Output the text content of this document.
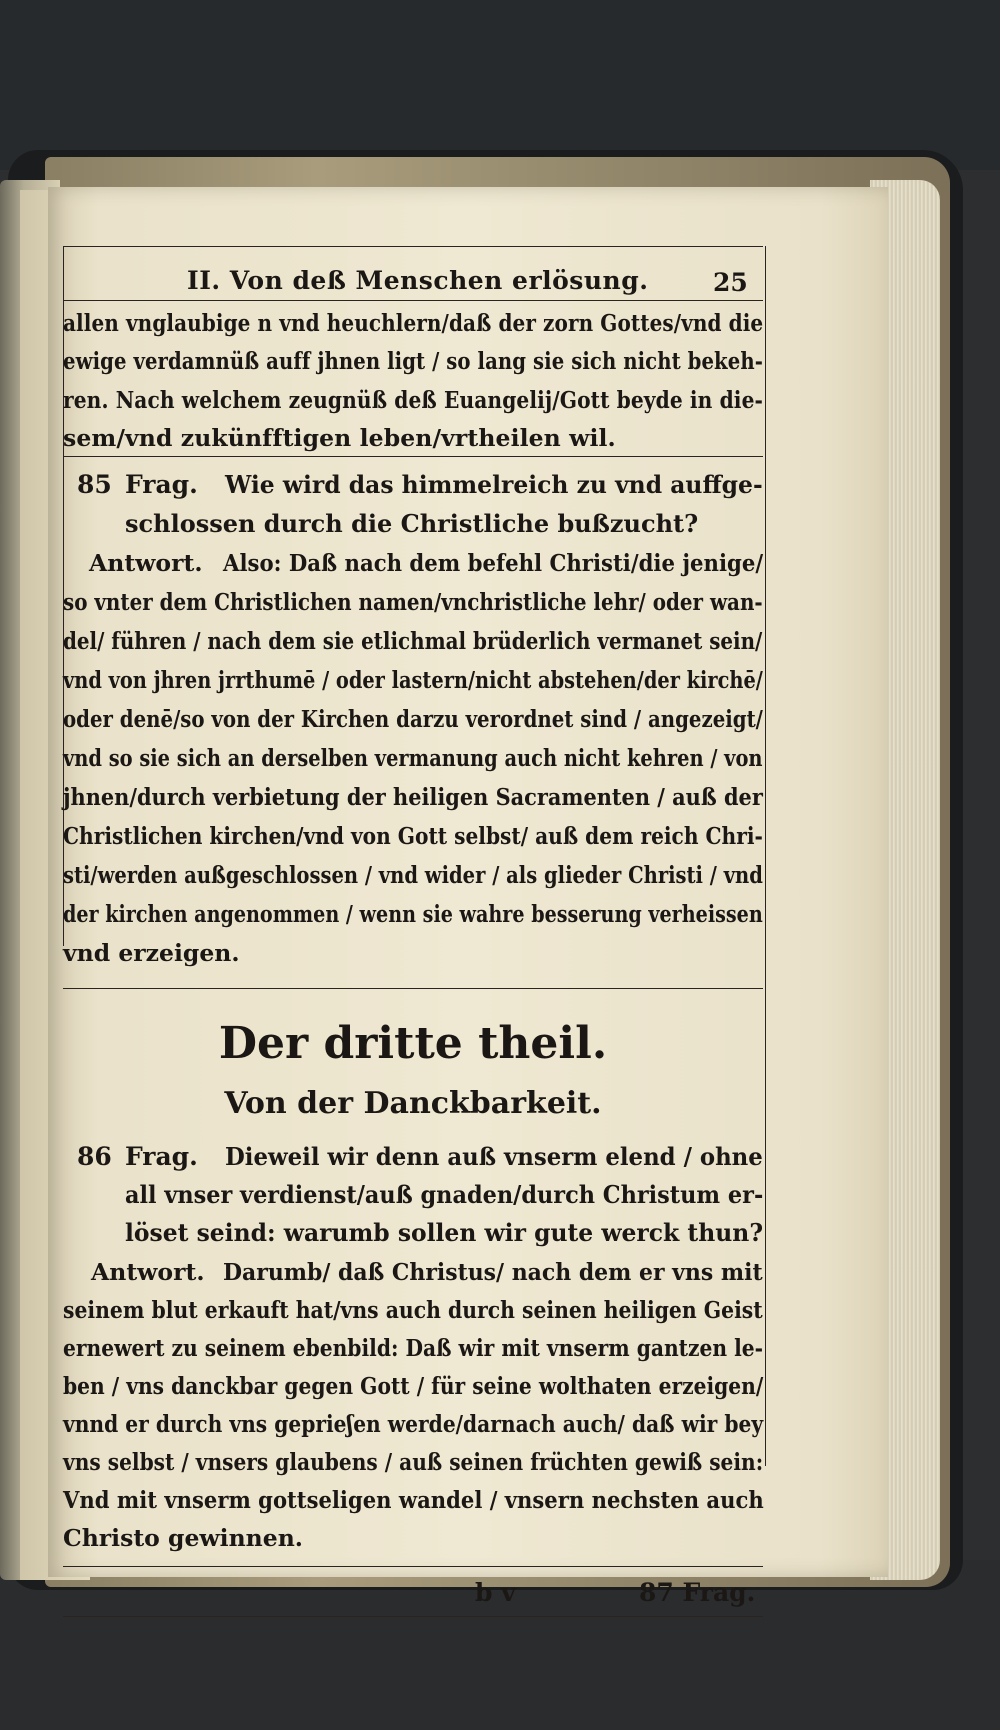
II. Von deß Menschen erlösung.	25
allen vnglaubige n vnd heuchlern/daß der zorn Gottes/vnd die ewige verdamnüß auff jhnen ligt / so lang sie sich nicht bekeh- ren. Nach welchem zeugnüß deß Euangelij/Gott beyde in die-
sem/vnd zukünfftigen leben/vrtheilen wil.
85 Frag. Wie wird das himmelreich zu vnd auffge-
schlossen durch die Christliche bußzucht?
Antwort. Also: Daß nach dem befehl Christi/die jenige/
so vnter dem Christlichen namen/vnchristliche lehr/ oder wan-
del/ führen / nach dem sie etlichmal brüderlich vermanet sein/
vnd von jhren jrrthumē / oder lastern/nicht abstehen/der kirchē/
oder denē/so von der Kirchen darzu verordnet sind / angezeigt/
vnd so sie sich an derselben vermanung auch nicht kehren / von
jhnen/durch verbietung der heiligen Sacramenten / auß der
Christlichen kirchen/vnd von Gott selbst/ auß dem reich Chri-
sti/werden außgeschlossen / vnd wider / als glieder Christi / vnd
der kirchen angenommen / wenn sie wahre besserung verheissen
vnd erzeigen.
Der dritte theil.
Von der Danckbarkeit.
86 Frag. Dieweil wir denn auß vnserm elend / ohne
all vnser verdienst/auß gnaden/durch Christum er-
löset seind: warumb sollen wir gute werck thun?
Antwort. Darumb/ daß Christus/ nach dem er vns mit
seinem blut erkauft hat/vns auch durch seinen heiligen Geist
ernewert zu seinem ebenbild: Daß wir mit vnserm gantzen le-
ben / vns danckbar gegen Gott / für seine wolthaten erzeigen/
vnnd er durch vns geprieʃen werde/darnach auch/ daß wir bey
vns selbst / vnsers glaubens / auß seinen früchten gewiß sein:
Vnd mit vnserm gottseligen wandel / vnsern nechsten auch
Christo gewinnen.
b v	87 Frag.
